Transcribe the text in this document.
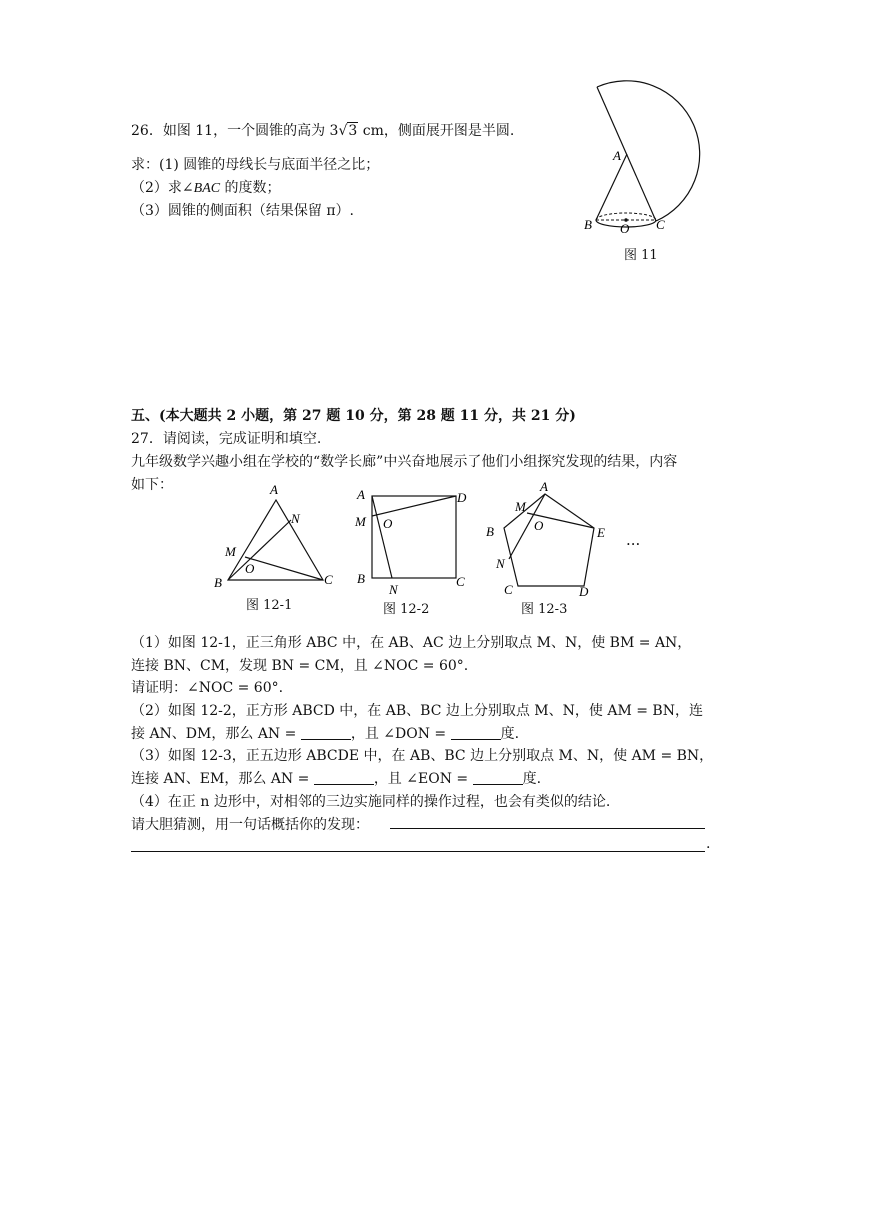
26．如图 11，一个圆锥的高为 3√3 cm，侧面展开图是半圆.
求：(1) 圆锥的母线长与底面半径之比；
（2）求∠BAC 的度数；
（3）圆锥的侧面积（结果保留 π）.
A
B O C
图 11
五、(本大题共 2 小题，第 27 题 10 分，第 28 题 11 分，共 21 分)
27．请阅读，完成证明和填空.
九年级数学兴趣小组在学校的“数学长廊”中兴奋地展示了他们小组探究发现的结果，内容
如下：	A
N
M
O
B	C
图 12-1
A	D
M O
B
N
C
图 12-2
A
M
O
B	E
N
C	D
图 12-3
···
（1）如图 12-1，正三角形 ABC 中，在 AB、AC 边上分别取点 M、N，使 BM = AN，
连接 BN、CM，发现 BN = CM，且 ∠NOC = 60°.
请证明：∠NOC = 60°.
（2）如图 12-2，正方形 ABCD 中，在 AB、BC 边上分别取点 M、N，使 AM = BN，连
接 AN、DM，那么 AN =	，且 ∠DON =	度.
（3）如图 12-3，正五边形 ABCDE 中，在 AB、BC 边上分别取点 M、N，使 AM = BN，
连接 AN、EM，那么 AN =	，且 ∠EON =	度.
（4）在正 n 边形中，对相邻的三边实施同样的操作过程，也会有类似的结论.
请大胆猜测，用一句话概括你的发现：
.
